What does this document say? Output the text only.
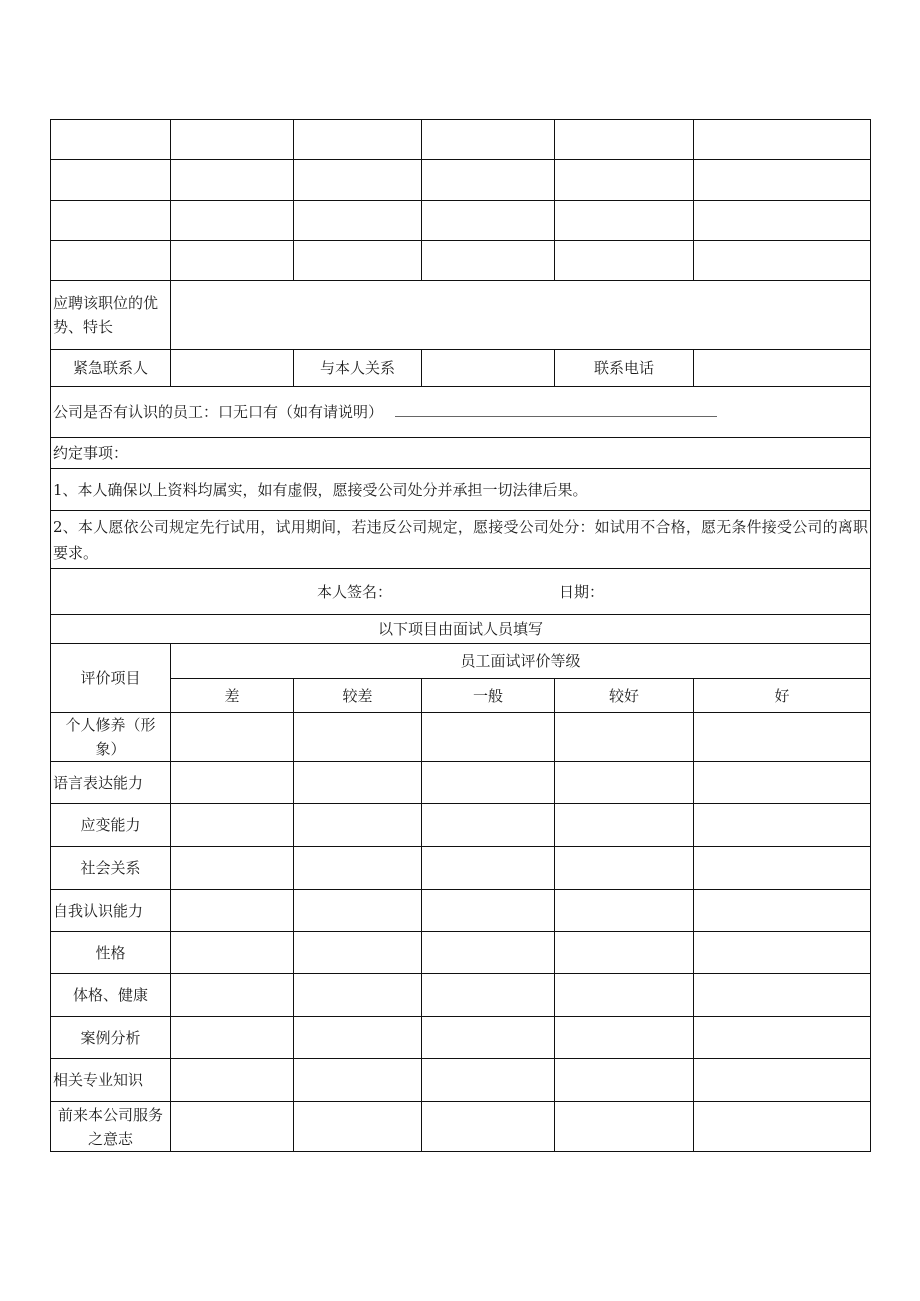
应聘该职位的优势、特长					
紧急联系人		与本人关系		联系电话	
公司是否有认识的员工：口无口有（如有请说明）					
约定事项：					
1、本人确保以上资料均属实，如有虚假，愿接受公司处分并承担一切法律后果。					
2、本人愿依公司规定先行试用，试用期间，若违反公司规定，愿接受公司处分：如试用不合格，愿无条件接受公司的离职要求。					

本人签名： 日期：					

以下项目由面试人员填写					
评价项目	员工面试评价等级				
	差	较差	一般	较好	好
个人修养（形象）					
语言表达能力					
应变能力					
社会关系					
自我认识能力					
性格					
体格、健康					
案例分析					
相关专业知识					
前来本公司服务之意志					
